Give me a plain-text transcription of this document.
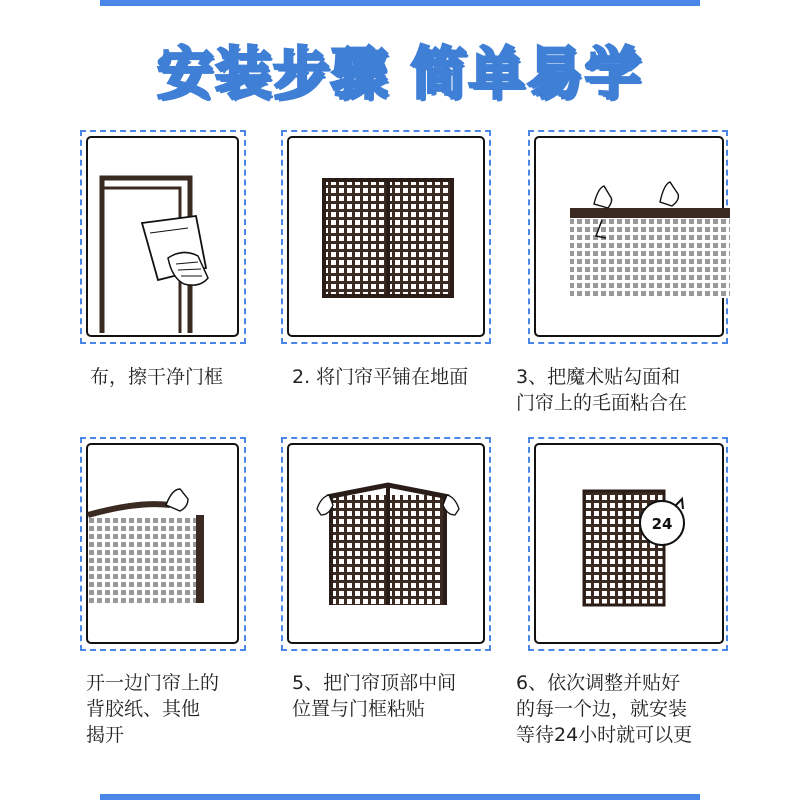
安装步骤 简单易学
布，擦干净门框	2. 将门帘平铺在地面	3、把魔术贴勾面和
门帘上的毛面粘合在
开一边门帘上的
背胶纸、其他
揭开
5、把门帘顶部中间
位置与门框粘贴
24
6、依次调整并贴好
的每一个边，就安装
等待24小时就可以更
